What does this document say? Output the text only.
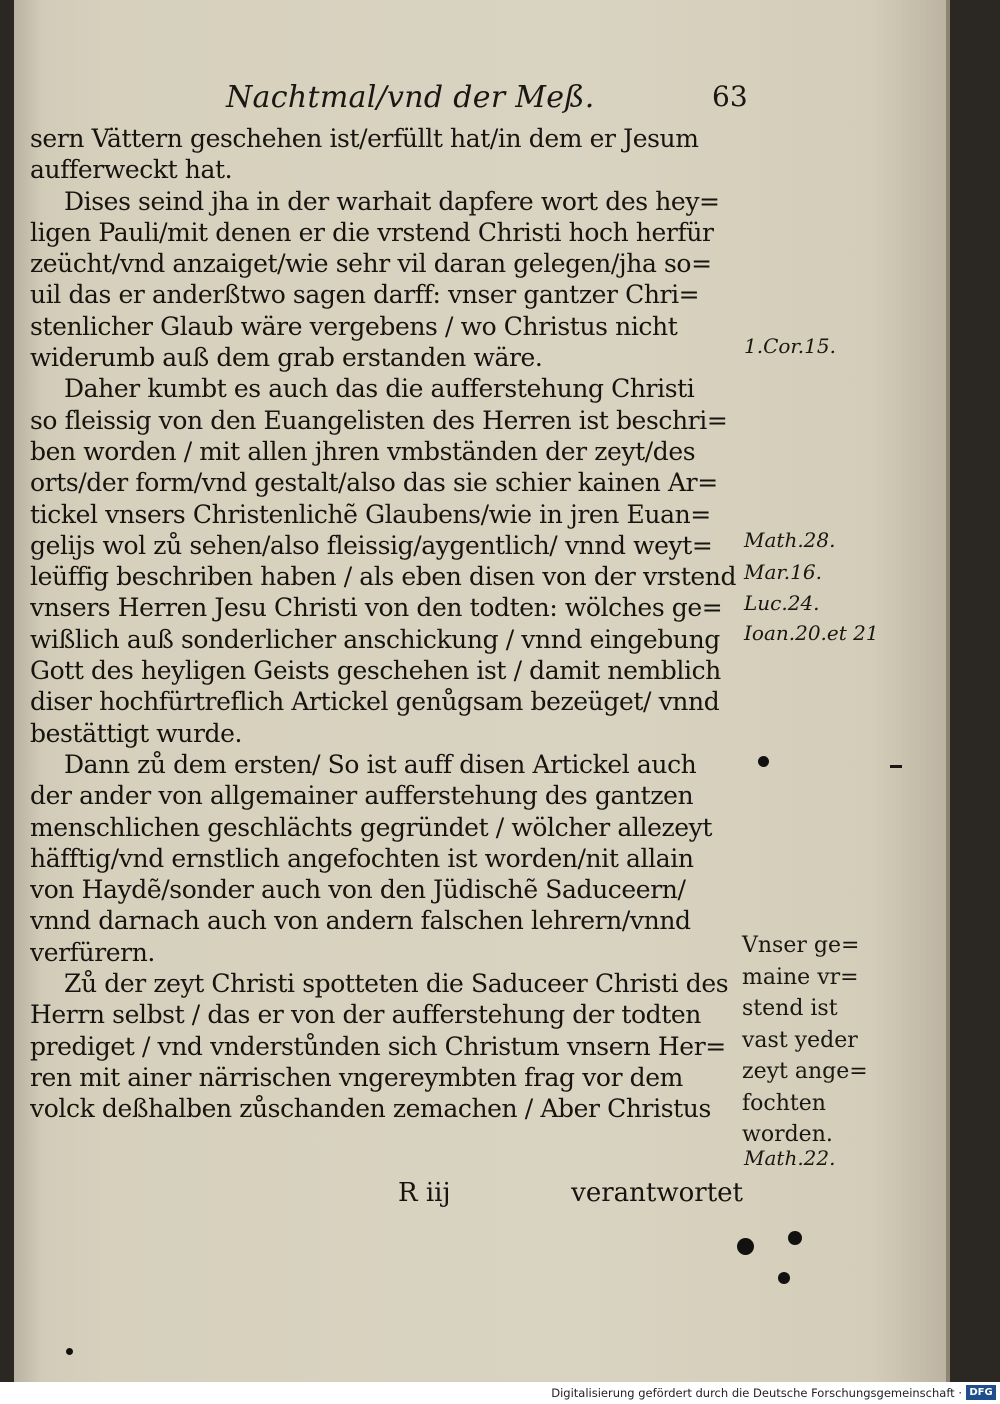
Nachtmal/vnd der Meß.	63
sern Vättern geschehen ist/erfüllt hat/in dem er Jesum
aufferweckt hat.
Dises seind jha in der warhait dapfere wort des hey=
ligen Pauli/mit denen er die vrstend Christi hoch herfür
zeücht/vnd anzaiget/wie sehr vil daran gelegen/jha so=
uil das er anderßtwo sagen darff: vnser gantzer Chri=
stenlicher Glaub wäre vergebens / wo Christus nicht
widerumb auß dem grab erstanden wäre.
Daher kumbt es auch das die aufferstehung Christi
so fleissig von den Euangelisten des Herren ist beschri=
ben worden / mit allen jhren vmbständen der zeyt/des
orts/der form/vnd gestalt/also das sie schier kainen Ar=
tickel vnsers Christenlichẽ Glaubens/wie in jren Euan=
gelijs wol zů sehen/also fleissig/aygentlich/ vnnd weyt=
leüffig beschriben haben / als eben disen von der vrstend
vnsers Herren Jesu Christi von den todten: wölches ge=
wißlich auß sonderlicher anschickung / vnnd eingebung
Gott des heyligen Geists geschehen ist / damit nemblich
diser hochfürtreflich Artickel genůgsam bezeüget/ vnnd
bestättigt wurde.
Dann zů dem ersten/ So ist auff disen Artickel auch
der ander von allgemainer aufferstehung des gantzen
menschlichen geschlächts gegründet / wölcher allezeyt
häfftig/vnd ernstlich angefochten ist worden/nit allain
von Haydẽ/sonder auch von den Jüdischẽ Saduceern/
vnnd darnach auch von andern falschen lehrern/vnnd
verfürern.
Zů der zeyt Christi spotteten die Saduceer Christi des
Herrn selbst / das er von der aufferstehung der todten
prediget / vnd vnderstůnden sich Christum vnsern Her=
ren mit ainer närrischen vngereymbten frag vor dem
volck deßhalben zůschanden zemachen / Aber Christus
R iij	verantwortet
1.Cor.15.
Math.28.
Mar.16.
Luc.24.
Ioan.20.et 21
Vnser ge=
maine vr=
stend ist
vast yeder
zeyt ange=
fochten
worden.
Math.22.
Digitalisierung gefördert durch die Deutsche Forschungsgemeinschaft · DFG
